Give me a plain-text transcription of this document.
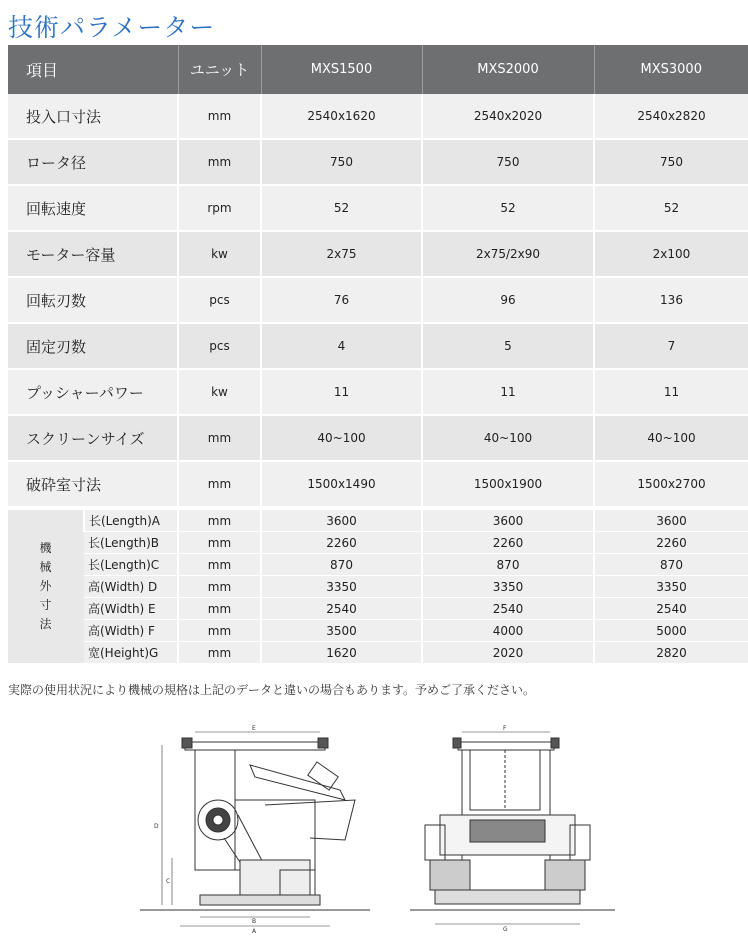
技術パラメーター
項目	ユニット	MXS1500	MXS2000	MXS3000
投入口寸法	mm	2540x1620	2540x2020	2540x2820
ロータ径	mm	750	750	750
回転速度	rpm	52	52	52
モーター容量	kw	2x75	2x75/2x90	2x100
回転刃数	pcs	76	96	136
固定刃数	pcs	4	5	7
プッシャーパワー	kw	11	11	11
スクリーンサイズ	mm	40~100	40~100	40~100
破砕室寸法	mm	1500x1490	1500x1900	1500x2700
機械外寸法	长(Length)A	mm	3600	3600	3600
	长(Length)B	mm	2260	2260	2260
	长(Length)C	mm	870	870	870
	高(Width) D	mm	3350	3350	3350
	高(Width) E	mm	2540	2540	2540
	高(Width) F	mm	3500	4000	5000
	宽(Height)G	mm	1620	2020	2820
実際の使用状況により機械の規格は上記のデータと違いの場合もあります。予めご了承ください。
E
D
C
B
A
F
G
